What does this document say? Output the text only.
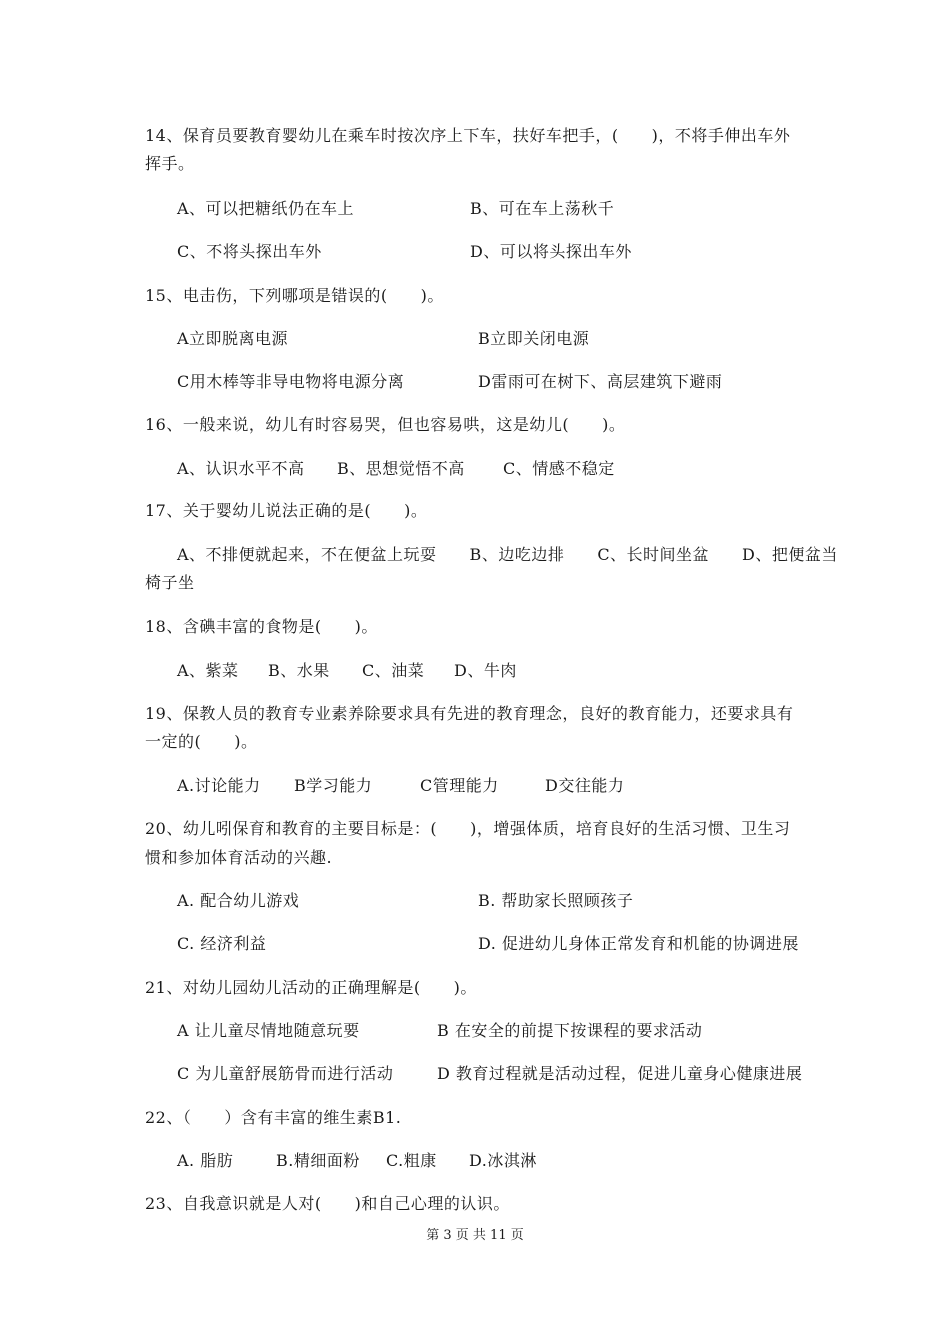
14、保育员要教育婴幼儿在乘车时按次序上下车，扶好车把手，(　　)，不将手伸出车外
挥手。
A、可以把糖纸仍在车上	B、可在车上荡秋千
C、不将头探出车外	D、可以将头探出车外
15、电击伤，下列哪项是错误的(　　)。
A立即脱离电源	B立即关闭电源
C用木棒等非导电物将电源分离	D雷雨可在树下、高层建筑下避雨
16、一般来说，幼儿有时容易哭，但也容易哄，这是幼儿(　　)。
A、认识水平不高 B、思想觉悟不高 C、情感不稳定
17、关于婴幼儿说法正确的是(　　)。
A、不排便就起来，不在便盆上玩耍　　B、边吃边排　　C、长时间坐盆　　D、把便盆当
椅子坐
18、含碘丰富的食物是(　　)。
A、紫菜 B、水果 C、油菜 D、牛肉
19、保教人员的教育专业素养除要求具有先进的教育理念，良好的教育能力，还要求具有
一定的(　　)。
A.讨论能力 B学习能力	C管理能力	D交往能力
20、幼儿吲保育和教育的主要目标是：(　　)，增强体质，培育良好的生活习惯、卫生习
惯和参加体育活动的兴趣.
A. 配合幼儿游戏	B. 帮助家长照顾孩子
C. 经济利益	D. 促进幼儿身体正常发育和机能的协调进展
21、对幼儿园幼儿活动的正确理解是(　　)。
A 让儿童尽情地随意玩要	B 在安全的前提下按课程的要求活动
C 为儿童舒展筋骨而进行活动	D 教育过程就是活动过程，促进儿童身心健康进展
22、（　　）含有丰富的维生素B1.
A. 脂肪	B.精细面粉 C.粗康 D.冰淇淋
23、自我意识就是人对(　　)和自己心理的认识。
第 3 页 共 11 页
